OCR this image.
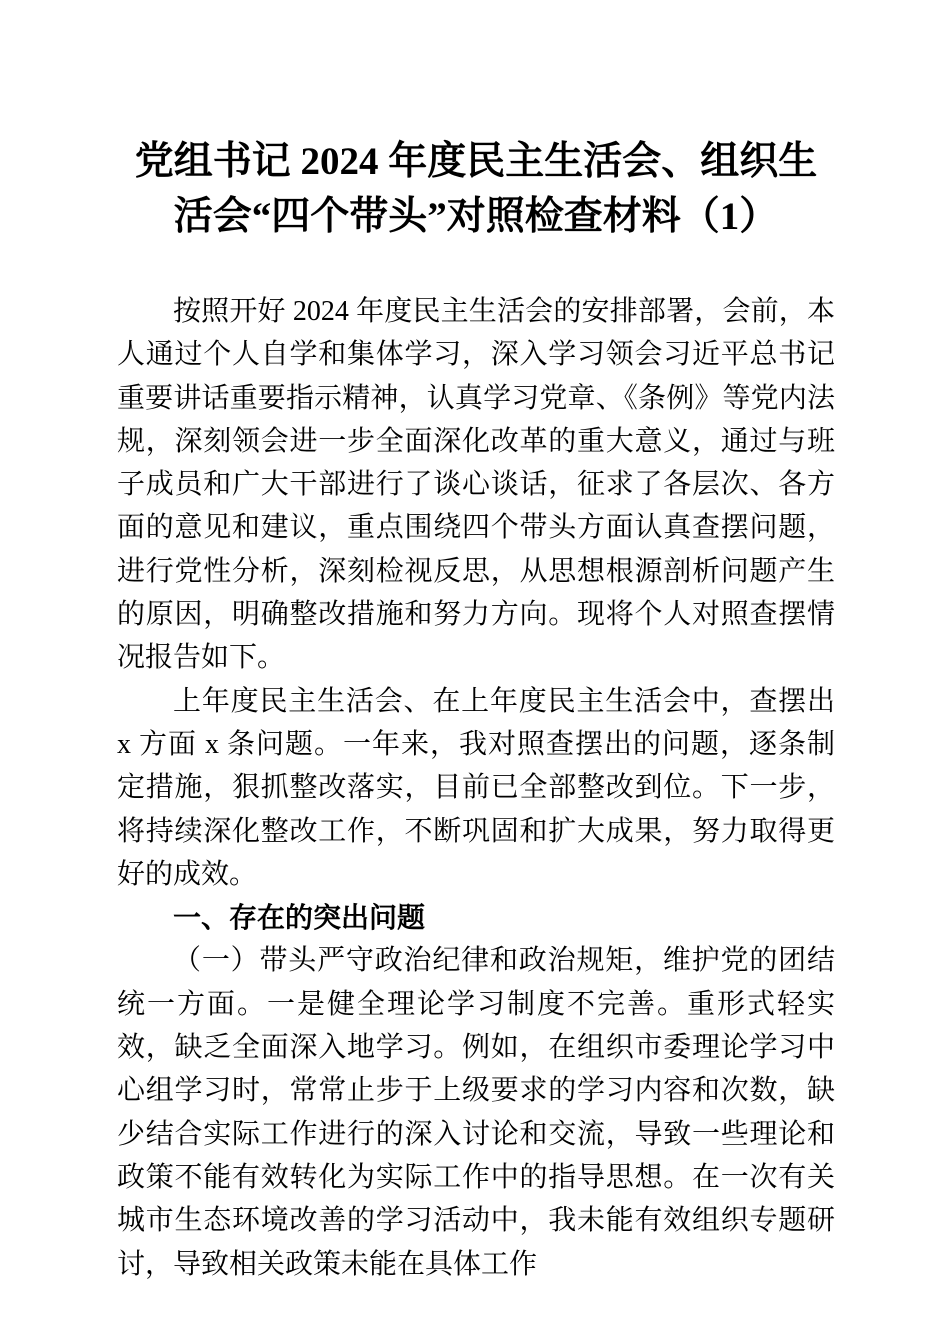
党组书记 2024 年度民主生活会、组织生活会“四个带头”对照检查材料（1）

按照开好 2024 年度民主生活会的安排部署，会前，本人通过个人自学和集体学习，深入学习领会习近平总书记重要讲话重要指示精神，认真学习党章、《条例》等党内法规，深刻领会进一步全面深化改革的重大意义，通过与班子成员和广大干部进行了谈心谈话，征求了各层次、各方面的意见和建议，重点围绕四个带头方面认真查摆问题，进行党性分析，深刻检视反思，从思想根源剖析问题产生的原因，明确整改措施和努力方向。现将个人对照查摆情况报告如下。

上年度民主生活会、在上年度民主生活会中，查摆出 x 方面 x 条问题。一年来，我对照查摆出的问题，逐条制定措施，狠抓整改落实，目前已全部整改到位。下一步，将持续深化整改工作，不断巩固和扩大成果，努力取得更好的成效。

一、存在的突出问题

（一）带头严守政治纪律和政治规矩，维护党的团结统一方面。一是健全理论学习制度不完善。重形式轻实效，缺乏全面深入地学习。例如，在组织市委理论学习中心组学习时，常常止步于上级要求的学习内容和次数，缺少结合实际工作进行的深入讨论和交流，导致一些理论和政策不能有效转化为实际工作中的指导思想。在一次有关城市生态环境改善的学习活动中，我未能有效组织专题研讨，导致相关政策未能在具体工作
